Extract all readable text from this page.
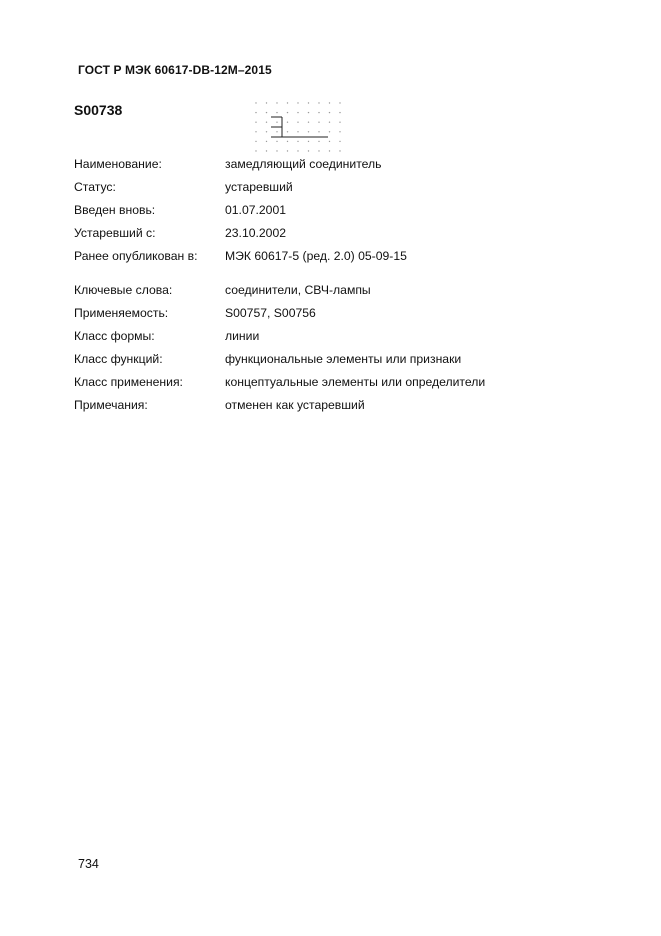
ГОСТ Р МЭК 60617-DB-12M–2015
S00738
Наименование:	замедляющий соединитель
Статус:	устаревший
Введен вновь:	01.07.2001
Устаревший с:	23.10.2002
Ранее опубликован в: МЭК 60617-5 (ред. 2.0) 05-09-15
Ключевые слова:	соединители, СВЧ-лампы
Применяемость:	S00757, S00756
Класс формы:	линии
Класс функций:	функциональные элементы или признаки
Класс применения:	концептуальные элементы или определители
Примечания:	отменен как устаревший
734
